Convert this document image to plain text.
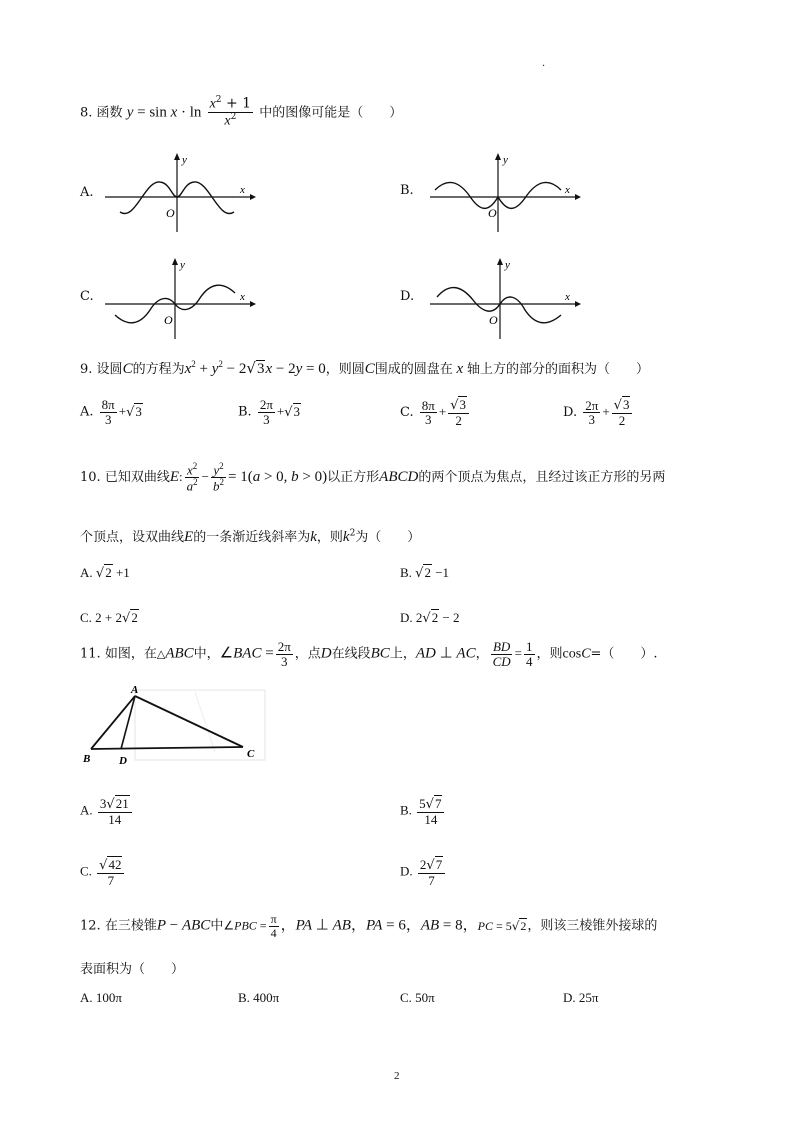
.
8. 函数 $y = \sin x \cdot \ln \frac{x^2 + 1}{x^2}$ 中的图像可能是（　　）
A.	B.
C.	D.
x
y
O
x
y
O
x
y
O
x
y
O
9. 设圆C的方程为$x^2 + y^2 - 2√3x - 2y = 0$，则圆C围成的圆盘在 x 轴上方的部分的面积为（　　）
A. $\frac{8\pi}{3} +√3$	B. $\frac{2\pi}{3} +√3$	C. $\frac{8\pi}{3} + \frac{√3}{2}$	D. $\frac{2\pi}{3} + \frac{√3}{2}$
10. 已知双曲线E: $\frac{x^2}{a^2} - \frac{y^2}{b^2} = 1(a > 0$, b > 0)以正方形ABCD的两个顶点为焦点，且经过该正方形的另两
个顶点，设双曲线E的一条渐近线斜率为k，则$k^2$为（　　）
A. √2 +1	B. √2 −1
C. 2 + 2√2	D. 2√2 − 2
11. 如图，在△ABC中，∠BAC = $\frac{2\pi}{3}$ ，点D在线段BC上，AD ⊥ AC， $\frac{BD}{CD} = \frac{1}{4}$ ，则cosC=（　　）.
A
B	D
C
A. $\frac{3√21}{14}$	B. $\frac{5√7}{14}$
C. $\frac{√42}{7}$	D. $\frac{2√7}{7}$
12. 在三棱锥P − ABC中∠PBC = $\frac{\pi}{4}$ ，PA ⊥ AB，PA = 6，AB = 8，PC = 5√2，则该三棱锥外接球的
表面积为（　　）
A. 100π	B. 400π	C. 50π	D. 25π
2
